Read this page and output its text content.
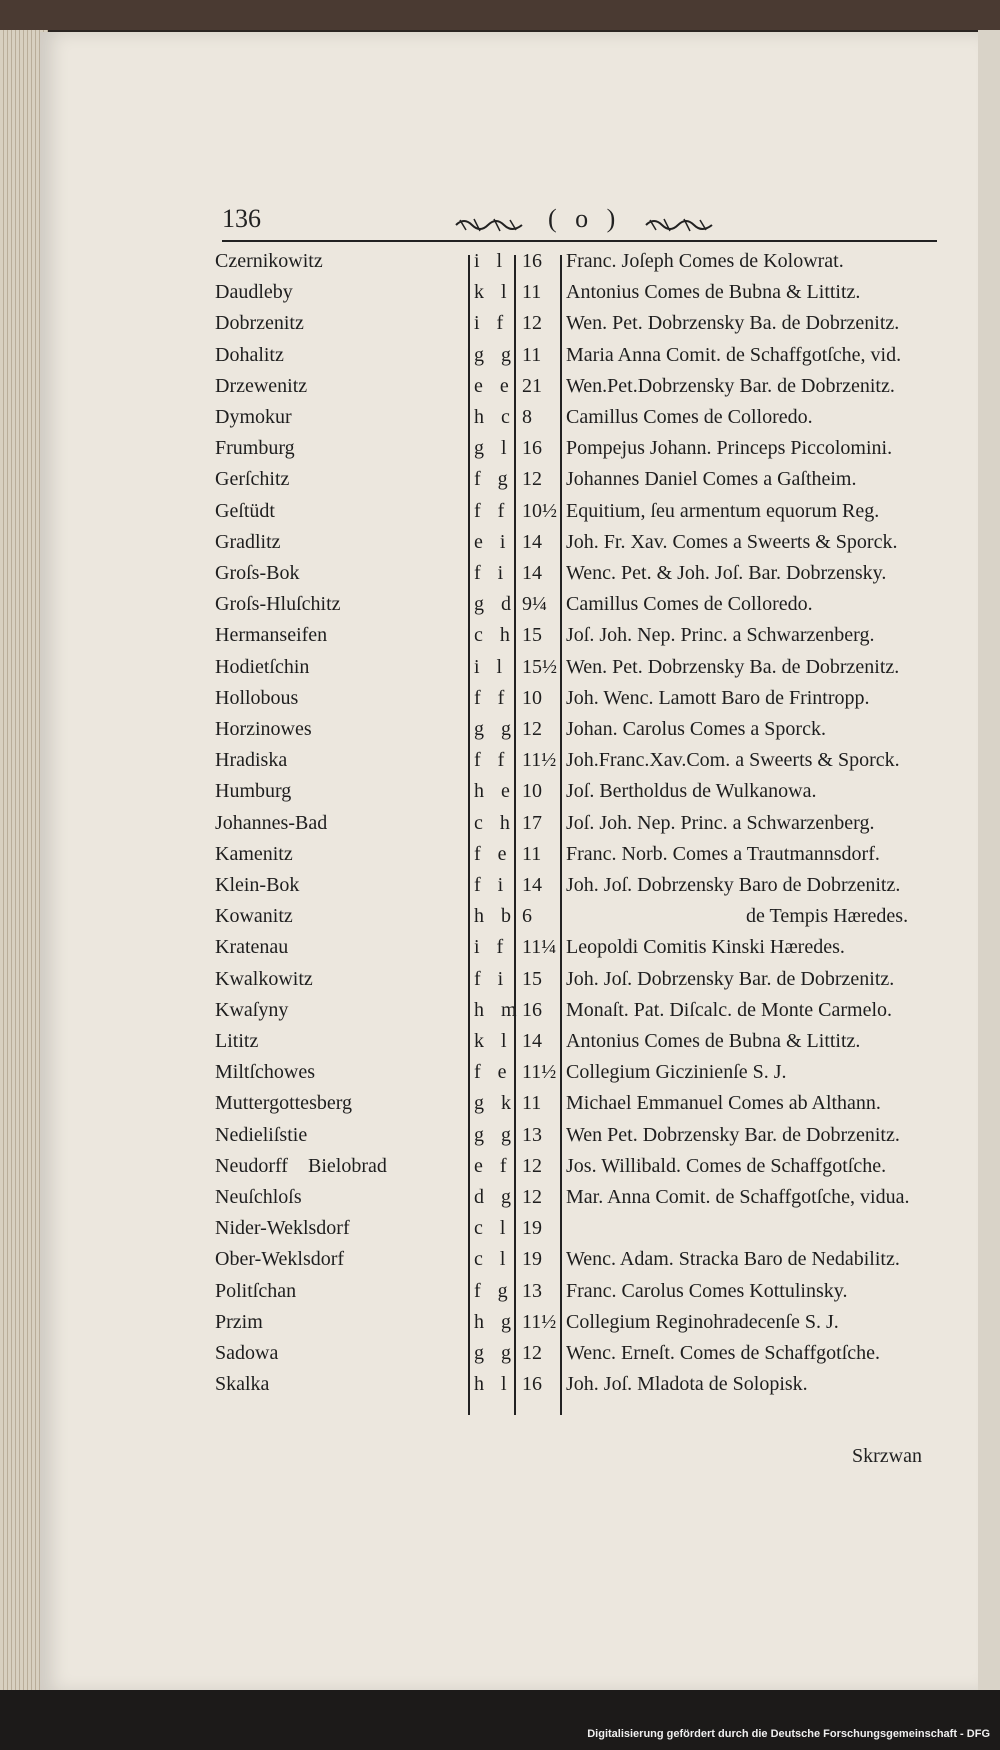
136	( o )
Czernikowitz	i l 16 Franc. Joſeph Comes de Kolowrat.
Daudleby	k l 11 Antonius Comes de Bubna & Littitz.
Dobrzenitz	i f 12 Wen. Pet. Dobrzensky Ba. de Dobrzenitz.
Dohalitz	g g 11 Maria Anna Comit. de Schaffgotſche, vid.
Drzewenitz	e e 21 Wen.Pet.Dobrzensky Bar. de Dobrzenitz.
Dymokur	h c 8 Camillus Comes de Colloredo.
Frumburg	g l 16 Pompejus Johann. Princeps Piccolomini.
Gerſchitz	f g 12 Johannes Daniel Comes a Gaſtheim.
Geſtüdt	f f 10½ Equitium, ſeu armentum equorum Reg.
Gradlitz	e i 14 Joh. Fr. Xav. Comes a Sweerts & Sporck.
Groſs-Bok	f i 14 Wenc. Pet. & Joh. Joſ. Bar. Dobrzensky.
Groſs-Hluſchitz	g d 9¼ Camillus Comes de Colloredo.
Hermanseifen	c h 15 Joſ. Joh. Nep. Princ. a Schwarzenberg.
Hodietſchin	i l 15½ Wen. Pet. Dobrzensky Ba. de Dobrzenitz.
Hollobous	f f 10 Joh. Wenc. Lamott Baro de Frintropp.
Horzinowes	g g 12 Johan. Carolus Comes a Sporck.
Hradiska	f f 11½ Joh.Franc.Xav.Com. a Sweerts & Sporck.
Humburg	h e 10 Joſ. Bertholdus de Wulkanowa.
Johannes-Bad	c h 17 Joſ. Joh. Nep. Princ. a Schwarzenberg.
Kamenitz	f e 11 Franc. Norb. Comes a Trautmannsdorf.
Klein-Bok	f i 14 Joh. Joſ. Dobrzensky Baro de Dobrzenitz.
Kowanitz	h b 6	de Tempis Hæredes.
Kratenau	i f 11¼ Leopoldi Comitis Kinski Hæredes.
Kwalkowitz	f i 15 Joh. Joſ. Dobrzensky Bar. de Dobrzenitz.
Kwaſyny	h m 16 Monaſt. Pat. Diſcalc. de Monte Carmelo.
Lititz	k l 14 Antonius Comes de Bubna & Littitz.
Miltſchowes	f e 11½ Collegium Giczinienſe S. J.
Muttergottesberg	g k 11 Michael Emmanuel Comes ab Althann.
Nedieliſstie	g g 13 Wen Pet. Dobrzensky Bar. de Dobrzenitz.
Neudorff Bielobrad	e f 12 Jos. Willibald. Comes de Schaffgotſche.
Neuſchloſs	d g 12 Mar. Anna Comit. de Schaffgotſche, vidua.
Nider-Weklsdorf	c l 19
Ober-Weklsdorf	c l 19 Wenc. Adam. Stracka Baro de Nedabilitz.
Politſchan	f g 13 Franc. Carolus Comes Kottulinsky.
Przim	h g 11½ Collegium Reginohradecenſe S. J.
Sadowa	g g 12 Wenc. Erneſt. Comes de Schaffgotſche.
Skalka	h l 16 Joh. Joſ. Mladota de Solopisk.
Skrzwan
Digitalisierung gefördert durch die Deutsche Forschungsgemeinschaft - DFG
